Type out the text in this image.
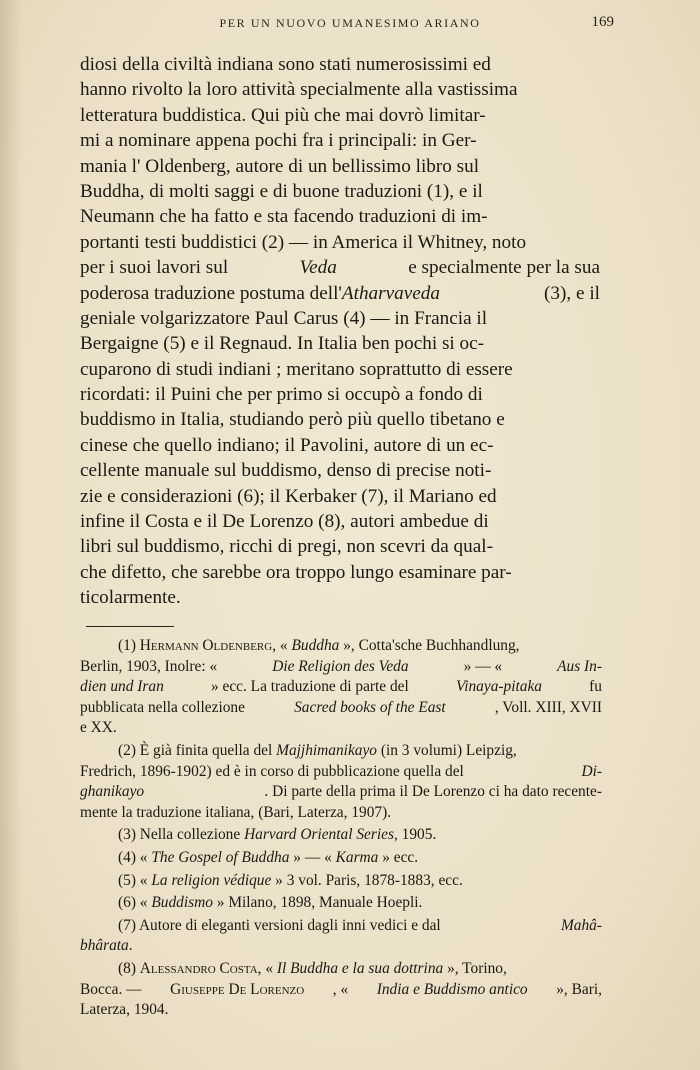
PER UN NUOVO UMANESIMO ARIANO	169
diosi della civiltà indiana sono stati numerosissimi ed
hanno rivolto la loro attività specialmente alla vastissima
letteratura buddistica. Qui più che mai dovrò limitar-
mi a nominare appena pochi fra i principali: in Ger-
mania l' Oldenberg, autore di un bellissimo libro sul
Buddha, di molti saggi e di buone traduzioni (1), e il
Neumann che ha fatto e sta facendo traduzioni di im-
portanti testi buddistici (2) — in America il Whitney, noto
per i suoi lavori sul	Veda	e specialmente per la sua
poderosa traduzione postuma dell'Atharvaveda	(3), e il
geniale volgarizzatore Paul Carus (4) — in Francia il
Bergaigne (5) e il Regnaud. In Italia ben pochi si oc-
cuparono di studi indiani ; meritano soprattutto di essere
ricordati: il Puini che per primo si occupò a fondo di
buddismo in Italia, studiando però più quello tibetano e
cinese che quello indiano; il Pavolini, autore di un ec-
cellente manuale sul buddismo, denso di precise noti-
zie e considerazioni (6); il Kerbaker (7), il Mariano ed
infine il Costa e il De Lorenzo (8), autori ambedue di
libri sul buddismo, ricchi di pregi, non scevri da qual-
che difetto, che sarebbe ora troppo lungo esaminare par-
ticolarmente.
(1) Hermann Oldenberg, « Buddha », Cotta'sche Buchhandlung,
Berlin, 1903, Inolre: «	Die Religion des Veda	» — «	Aus In-
dien und Iran	» ecc. La traduzione di parte del	Vinaya-pitaka	fu
pubblicata nella collezione	Sacred books of the East	, Voll. XIII, XVII
e XX.
(2) È già finita quella del Majjhimanikayo (in 3 volumi) Leipzig,
Fredrich, 1896-1902) ed è in corso di pubblicazione quella del	Di-
ghanikayo	. Di parte della prima il De Lorenzo ci ha dato recente-
mente la traduzione italiana, (Bari, Laterza, 1907).
(3) Nella collezione Harvard Oriental Series, 1905.
(4) « The Gospel of Buddha » — « Karma » ecc.
(5) « La religion védique » 3 vol. Paris, 1878-1883, ecc.
(6) « Buddismo » Milano, 1898, Manuale Hoepli.
(7) Autore di eleganti versioni dagli inni vedici e dal	Mahâ-
bhârata.
(8) Alessandro Costa, « Il Buddha e la sua dottrina », Torino,
Bocca. — Giuseppe De Lorenzo , « India e Buddismo antico », Bari,
Laterza, 1904.
